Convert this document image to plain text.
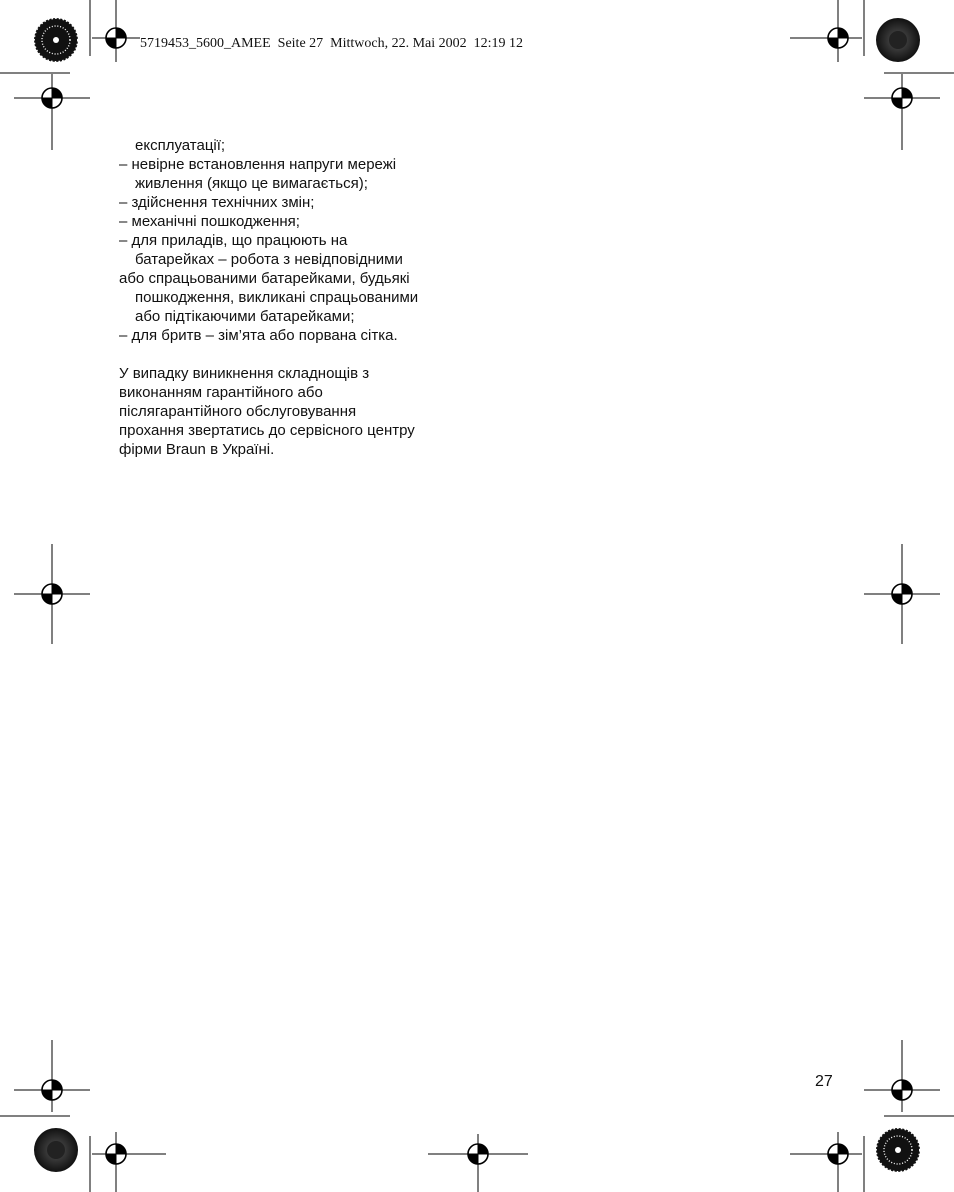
5719453_5600_AMEE  Seite 27  Mittwoch, 22. Mai 2002  12:19 12
експлуатації;
– невірне встановлення напруги мережі
живлення (якщо це вимагається);
– здійснення технічних змін;
– механічні пошкодження;
– для приладів, що працюють на
батарейках – робота з невідповідними
або спрацьованими батарейками, будьякі
пошкодження, викликані спрацьованими
або підтікаючими батарейками;
– для бритв – зім’ята або порвана сітка.
У випадку виникнення складнощів з
виконанням гарантійного або
післягарантійного обслуговування
прохання звертатись до сервісного центру
фірми Braun в Україні.
27
